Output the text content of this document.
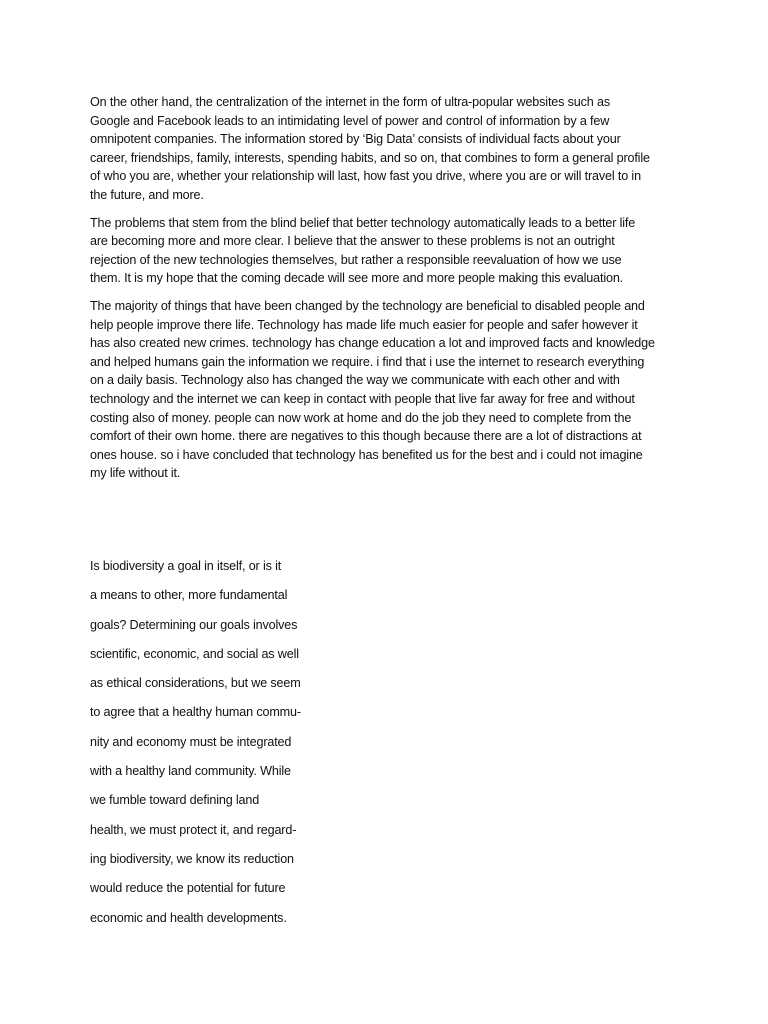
On the other hand, the centralization of the internet in the form of ultra-popular websites such as
Google and Facebook leads to an intimidating level of power and control of information by a few
omnipotent companies. The information stored by ‘Big Data’ consists of individual facts about your
career, friendships, family, interests, spending habits, and so on, that combines to form a general profile
of who you are, whether your relationship will last, how fast you drive, where you are or will travel to in
the future, and more.

The problems that stem from the blind belief that better technology automatically leads to a better life
are becoming more and more clear. I believe that the answer to these problems is not an outright
rejection of the new technologies themselves, but rather a responsible reevaluation of how we use
them. It is my hope that the coming decade will see more and more people making this evaluation.

The majority of things that have been changed by the technology are beneficial to disabled people and
help people improve there life. Technology has made life much easier for people and safer however it
has also created new crimes. technology has change education a lot and improved facts and knowledge
and helped humans gain the information we require. i find that i use the internet to research everything
on a daily basis. Technology also has changed the way we communicate with each other and with
technology and the internet we can keep in contact with people that live far away for free and without
costing also of money. people can now work at home and do the job they need to complete from the
comfort of their own home. there are negatives to this though because there are a lot of distractions at
ones house. so i have concluded that technology has benefited us for the best and i could not imagine
my life without it.

Is biodiversity a goal in itself, or is it
a means to other, more fundamental
goals? Determining our goals involves
scientific, economic, and social as well
as ethical considerations, but we seem
to agree that a healthy human commu-
nity and economy must be integrated
with a healthy land community. While
we fumble toward defining land
health, we must protect it, and regard-
ing biodiversity, we know its reduction
would reduce the potential for future
economic and health developments.
